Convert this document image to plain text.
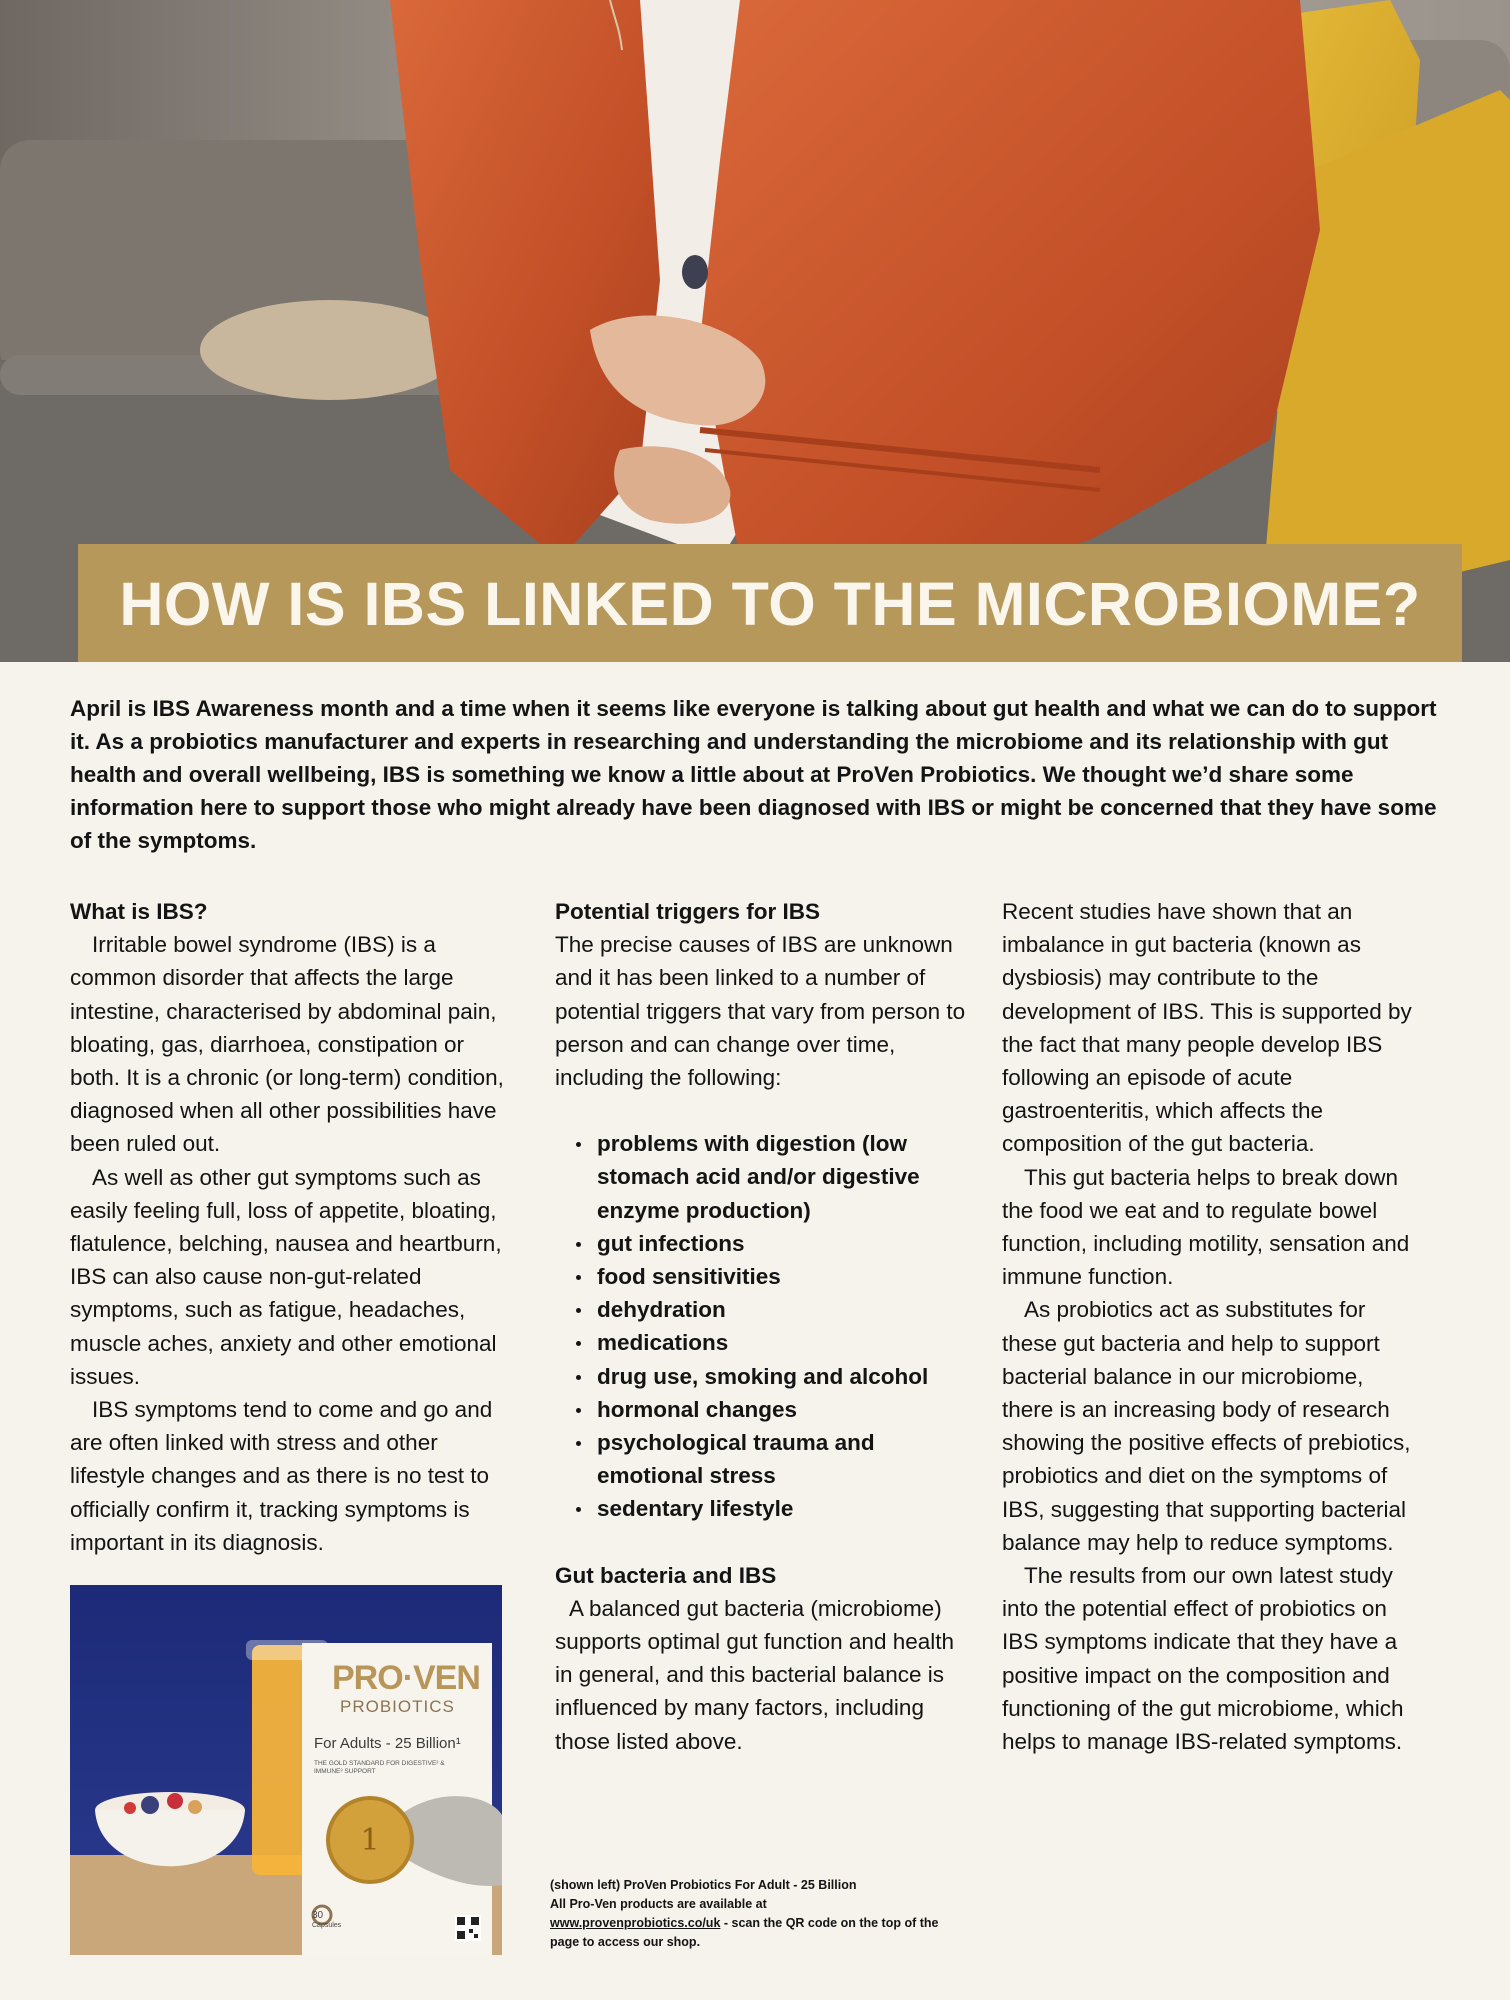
HOW IS IBS LINKED TO THE MICROBIOME?

April is IBS Awareness month and a time when it seems like everyone is talking about gut health and what we can do to support it. As a probiotics manufacturer and experts in researching and understanding the microbiome and its relationship with gut health and overall wellbeing, IBS is something we know a little about at ProVen Probiotics. We thought we’d share some information here to support those who might already have been diagnosed with IBS or might be concerned that they have some of the symptoms.

What is IBS?

Irritable bowel syndrome (IBS) is a common disorder that affects the large intestine, characterised by abdominal pain, bloating, gas, diarrhoea, constipation or both. It is a chronic (or long-term) condition, diagnosed when all other possibilities have been ruled out.

As well as other gut symptoms such as easily feeling full, loss of appetite, bloating, flatulence, belching, nausea and heartburn, IBS can also cause non-gut-related symptoms, such as fatigue, headaches, muscle aches, anxiety and other emotional issues.

IBS symptoms tend to come and go and are often linked with stress and other lifestyle changes and as there is no test to officially confirm it, tracking symptoms is important in its diagnosis.

1
PRO·VEN
PROBIOTICS
For Adults - 25 Billion¹
THE GOLD STANDARD FOR DIGESTIVE² & IMMUNE³ SUPPORT
30
Capsules
Potential triggers for IBS

The precise causes of IBS are unknown and it has been linked to a number of potential triggers that vary from person to person and can change over time, including the following:

problems with digestion (low stomach acid and/or digestive enzyme production)
gut infections
food sensitivities
dehydration
medications
drug use, smoking and alcohol
hormonal changes
psychological trauma and emotional stress
sedentary lifestyle
Gut bacteria and IBS

A balanced gut bacteria (microbiome) supports optimal gut function and health in general, and this bacterial balance is influenced by many factors, including those listed above.

(shown left) ProVen Probiotics For Adult - 25 Billion

All Pro-Ven products are available at

www.provenprobiotics.co/uk - scan the QR code on the top of the page to access our shop.

Recent studies have shown that an imbalance in gut bacteria (known as dysbiosis) may contribute to the development of IBS. This is supported by the fact that many people develop IBS following an episode of acute gastroenteritis, which affects the composition of the gut bacteria.

This gut bacteria helps to break down the food we eat and to regulate bowel function, including motility, sensation and immune function.

As probiotics act as substitutes for these gut bacteria and help to support bacterial balance in our microbiome, there is an increasing body of research showing the positive effects of prebiotics, probiotics and diet on the symptoms of IBS, suggesting that supporting bacterial balance may help to reduce symptoms.

The results from our own latest study into the potential effect of probiotics on IBS symptoms indicate that they have a positive impact on the composition and functioning of the gut microbiome, which helps to manage IBS-related symptoms.
